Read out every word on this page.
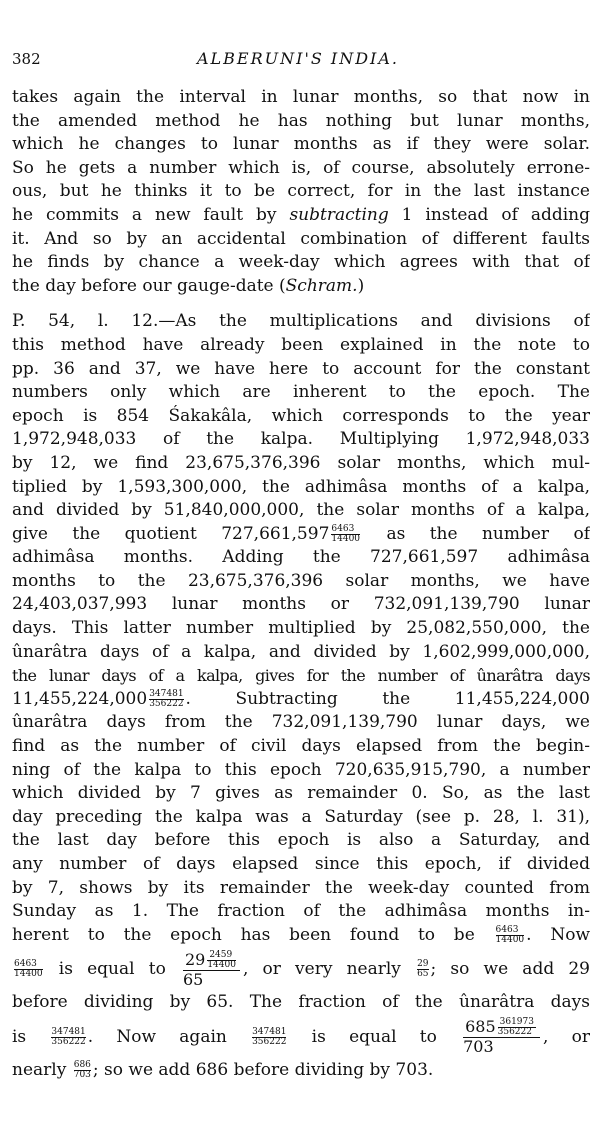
382	ALBERUNI'S INDIA.
takes again the interval in lunar months, so that now in
the amended method he has nothing but lunar months,
which he changes to lunar months as if they were solar.
So he gets a number which is, of course, absolutely errone-
ous, but he thinks it to be correct, for in the last instance
he commits a new fault by subtracting 1 instead of adding
it. And so by an accidental combination of different faults
he finds by chance a week-day which agrees with that of
the day before our gauge-date (Schram.)
P. 54, l. 12.—As the multiplications and divisions of
this method have already been explained in the note to
pp. 36 and 37, we have here to account for the constant
numbers only which are inherent to the epoch. The
epoch is 854 Śakakâla, which corresponds to the year
1,972,948,033 of the kalpa. Multiplying 1,972,948,033
by 12, we find 23,675,376,396 solar months, which mul-
tiplied by 1,593,300,000, the adhimâsa months of a kalpa,
and divided by 51,840,000,000, the solar months of a kalpa,
give the quotient $727,661,597 \frac{6463}{14400}$ as the number of
adhimâsa months. Adding the 727,661,597 adhimâsa
months to the 23,675,376,396 solar months, we have
24,403,037,993 lunar months or 732,091,139,790 lunar
days. This latter number multiplied by 25,082,550,000, the
ûnarâtra days of a kalpa, and divided by 1,602,999,000,000,
the lunar days of a kalpa, gives for the number of ûnarâtra days
$11,455,224,000 \frac{347481}{356222}$ . Subtracting the 11,455,224,000
ûnarâtra days from the 732,091,139,790 lunar days, we
find as the number of civil days elapsed from the begin-
ning of the kalpa to this epoch 720,635,915,790, a number
which divided by 7 gives as remainder 0. So, as the last
day preceding the kalpa was a Saturday (see p. 28, l. 31),
the last day before this epoch is also a Saturday, and
any number of days elapsed since this epoch, if divided
by 7, shows by its remainder the week-day counted from
Sunday as 1. The fraction of the adhimâsa months in-
herent to the epoch has been found to be $\frac{6463}{14400}$ . Now
$\frac{6463}{14400}$ is equal to $\frac{29 \frac{2459}{14400}}{65}$ , or very nearly $\frac{29}{65}$ ; so we add 29
before dividing by 65. The fraction of the ûnarâtra days
is $\frac{347481}{356222}$ . Now again $\frac{347481}{356222}$ is equal to $\frac{685 \frac{361973}{356222}}{703}$ , or
nearly $\frac{686}{703}$ ; so we add 686 before dividing by 703.
